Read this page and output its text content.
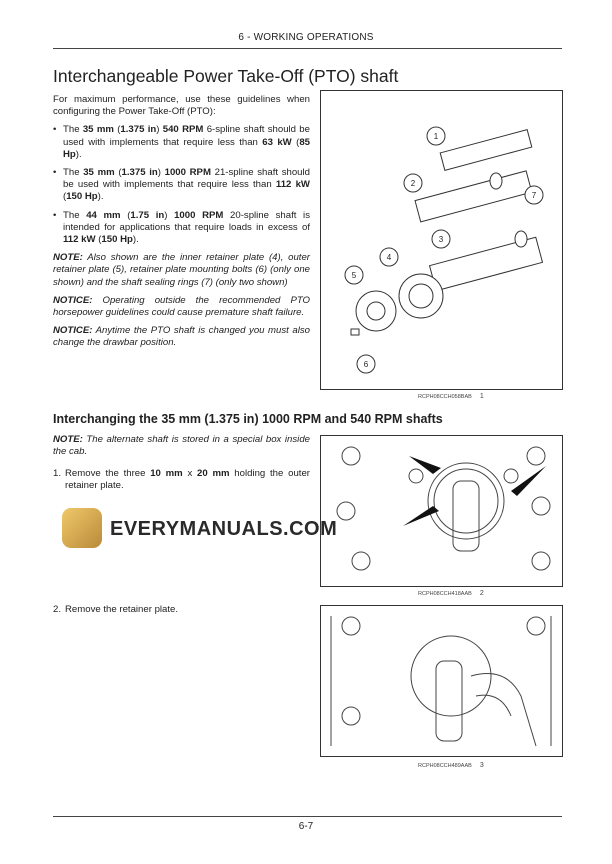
6 - WORKING OPERATIONS
Interchangeable Power Take-Off (PTO) shaft

For maximum performance, use these guidelines when configuring the Power Take-Off (PTO):

• The 35 mm (1.375 in) 540 RPM 6-spline shaft should be used with implements that require less than 63 kW (85 Hp).
• The 35 mm (1.375 in) 1000 RPM 21-spline shaft should be used with implements that require less than 112 kW (150 Hp).
• The 44 mm (1.75 in) 1000 RPM 20-spline shaft is intended for applications that require loads in excess of 112 kW (150 Hp).

NOTE: Also shown are the inner retainer plate (4), outer retainer plate (5), retainer plate mounting bolts (6) (only one shown) and the shaft sealing rings (7) (only two shown)

NOTICE: Operating outside the recommended PTO horsepower guidelines could cause premature shaft failure.

NOTICE: Anytime the PTO shaft is changed you must also change the drawbar position.

1
2
3
4
5
6
7
RCPH08CCH058BAB 1
Interchanging the 35 mm (1.375 in) 1000 RPM and 540 RPM shafts

NOTE: The alternate shaft is stored in a special box inside the cab.

1. Remove the three 10 mm x 20 mm holding the outer retainer plate.
2. Remove the retainer plate.
RCPH08CCH418AAB 2
RCPH08CCH489AAB 3
EVERYMANUALS.COM
6-7
